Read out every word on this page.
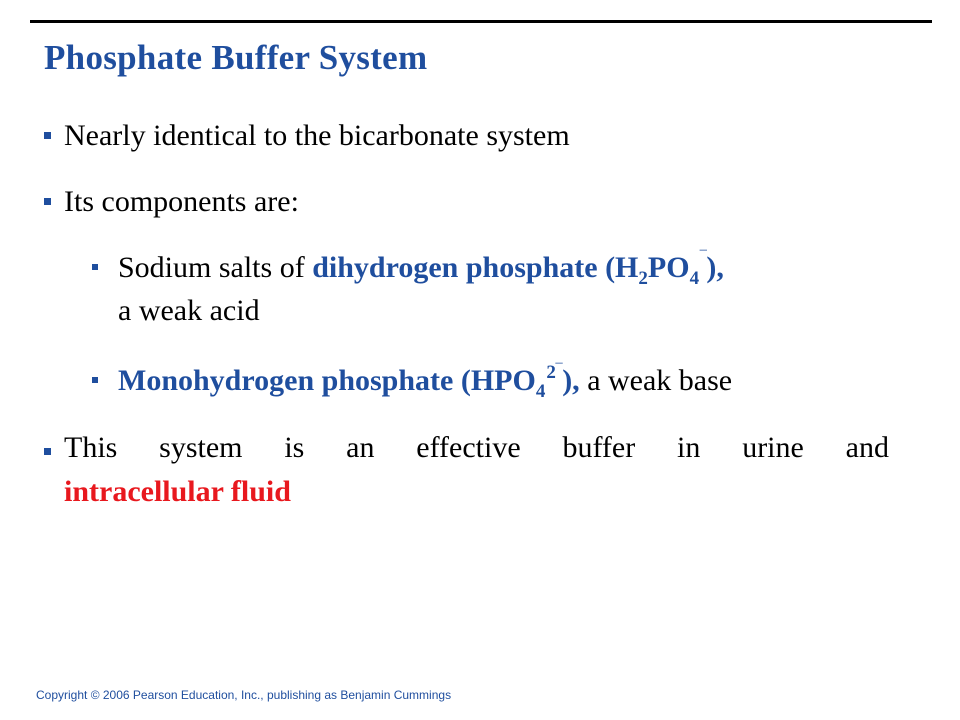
Phosphate Buffer System
Nearly identical to the bicarbonate system
Its components are:
Sodium salts of dihydrogen phosphate $(H_2PO_4^‾)$,
a weak acid
Monohydrogen phosphate $(HPO_4^{2‾})$, a weak base
This system is an effective buffer in urine and
intracellular fluid
Copyright © 2006 Pearson Education, Inc., publishing as Benjamin Cummings
